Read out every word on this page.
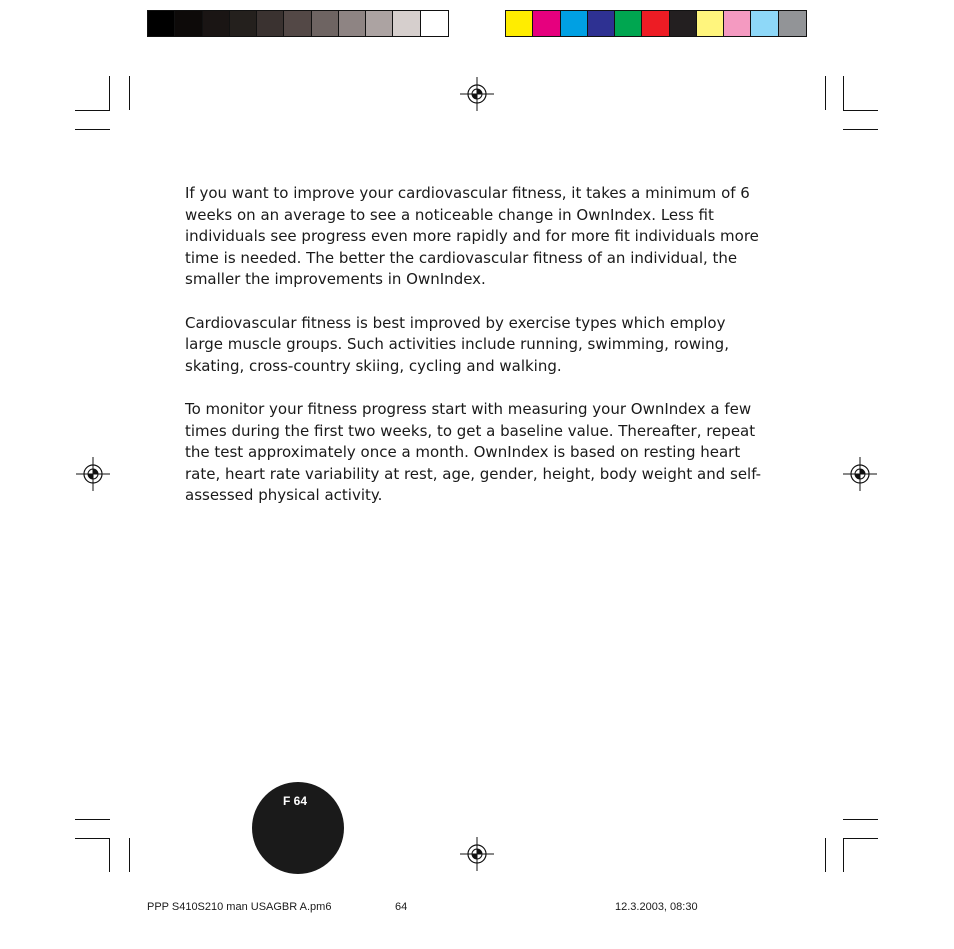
If you want to improve your cardiovascular fitness, it takes a minimum of 6 weeks on an average to see a noticeable change in OwnIndex. Less fit individuals see progress even more rapidly and for more fit individuals more time is needed. The better the cardiovascular fitness of an individual, the smaller the improvements in OwnIndex.

Cardiovascular fitness is best improved by exercise types which employ large muscle groups. Such activities include running, swimming, rowing, skating, cross-country skiing, cycling and walking.

To monitor your fitness progress start with measuring your OwnIndex a few times during the first two weeks, to get a baseline value. Thereafter, repeat the test approximately once a month. OwnIndex is based on resting heart rate, heart rate variability at rest, age, gender, height, body weight and self-assessed physical activity.

F 64
PPP S410S210 man USAGBR A.pm6	64	12.3.2003, 08:30
